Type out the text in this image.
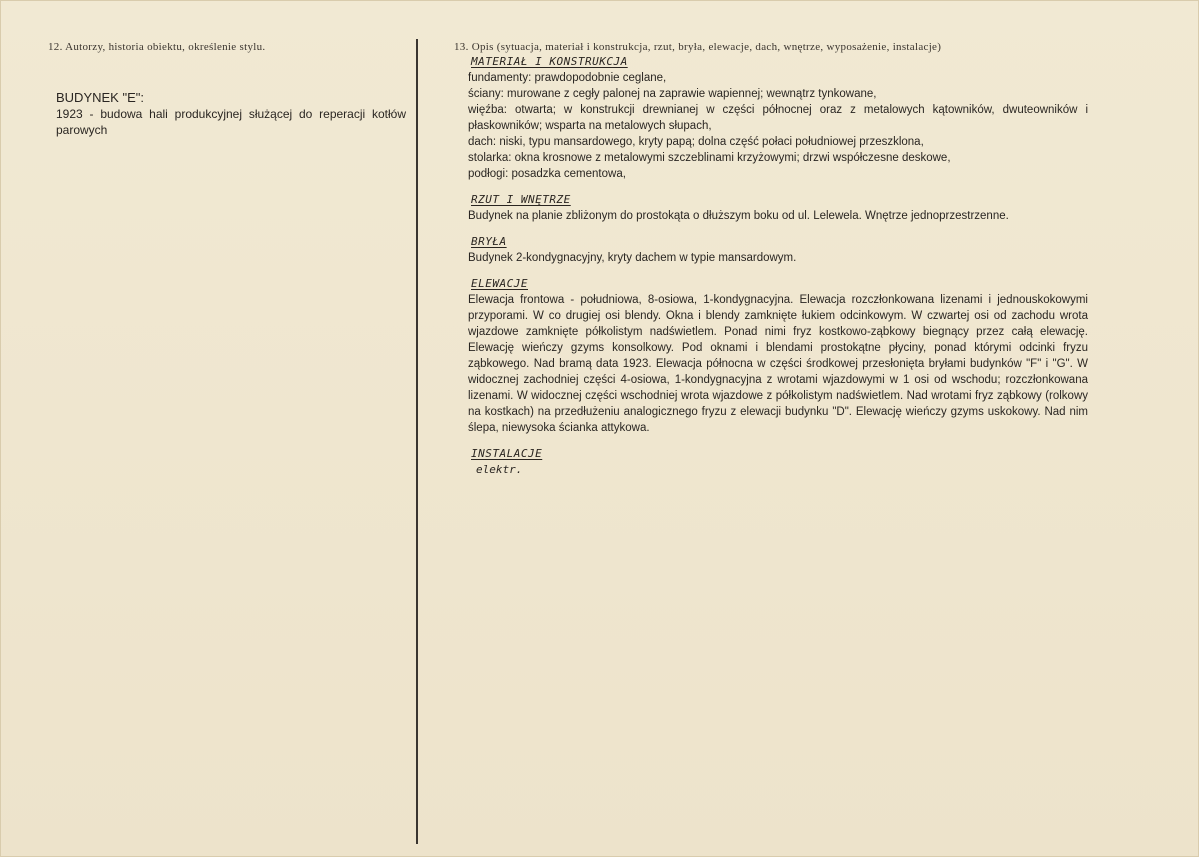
12. Autorzy, historia obiektu, określenie stylu.
BUDYNEK "E":
1923 - budowa hali produkcyjnej służącej do reperacji kotłów parowych
13. Opis (sytuacja, materiał i konstrukcja, rzut, bryła, elewacje, dach, wnętrze, wyposażenie, instalacje)
MATERIAŁ I KONSTRUKCJA

fundamenty: prawdopodobnie ceglane,

ściany: murowane z cegły palonej na zaprawie wapiennej; wewnątrz tynkowane,

więźba: otwarta; w konstrukcji drewnianej w części północnej oraz z metalowych kątowników, dwuteowników i płaskowników; wsparta na metalowych słupach,

dach: niski, typu mansardowego, kryty papą; dolna część połaci południowej przeszklona,

stolarka: okna krosnowe z metalowymi szczeblinami krzyżowymi; drzwi współczesne deskowe,

podłogi: posadzka cementowa,

RZUT I WNĘTRZE

Budynek na planie zbliżonym do prostokąta o dłuższym boku od ul. Lelewela. Wnętrze jednoprzestrzenne.

BRYŁA

Budynek 2-kondygnacyjny, kryty dachem w typie mansardowym.

ELEWACJE

Elewacja frontowa - południowa, 8-osiowa, 1-kondygnacyjna. Elewacja rozczłonkowana lizenami i jednouskokowymi przyporami. W co drugiej osi blendy. Okna i blendy zamknięte łukiem odcinkowym. W czwartej osi od zachodu wrota wjazdowe zamknięte półkolistym nadświetlem. Ponad nimi fryz kostkowo-ząbkowy biegnący przez całą elewację. Elewację wieńczy gzyms konsolkowy. Pod oknami i blendami prostokątne płyciny, ponad którymi odcinki fryzu ząbkowego. Nad bramą data 1923. Elewacja północna w części środkowej przesłonięta bryłami budynków "F" i "G". W widocznej zachodniej części 4-osiowa, 1-kondygnacyjna z wrotami wjazdowymi w 1 osi od wschodu; rozczłonkowana lizenami. W widocznej części wschodniej wrota wjazdowe z półkolistym nadświetlem. Nad wrotami fryz ząbkowy (rolkowy na kostkach) na przedłużeniu analogicznego fryzu z elewacji budynku "D". Elewację wieńczy gzyms uskokowy. Nad nim ślepa, niewysoka ścianka attykowa.

INSTALACJE

elektr.
